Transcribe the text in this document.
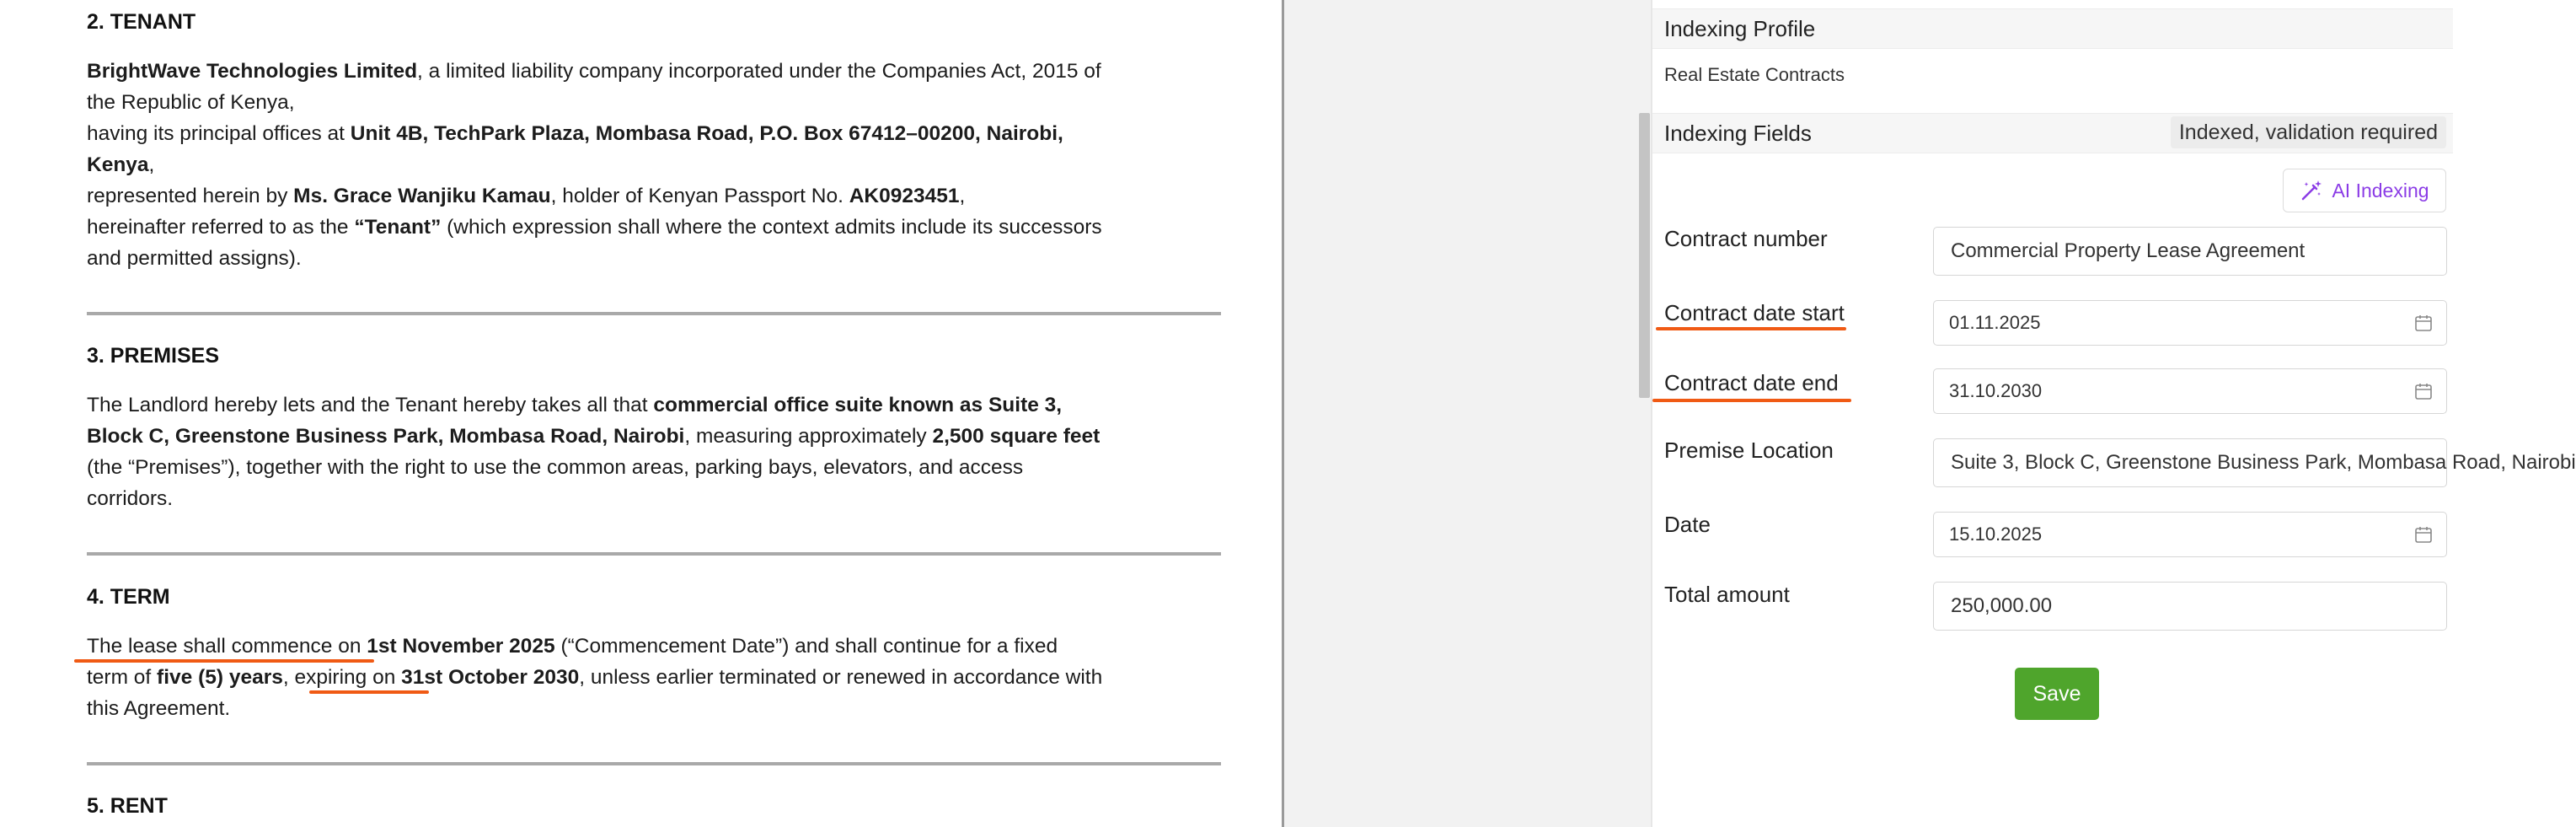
2. TENANT
BrightWave Technologies Limited, a limited liability company incorporated under the Companies Act, 2015 of
the Republic of Kenya,
having its principal offices at Unit 4B, TechPark Plaza, Mombasa Road, P.O. Box 67412–00200, Nairobi,
Kenya,
represented herein by Ms. Grace Wanjiku Kamau, holder of Kenyan Passport No. AK0923451,
hereinafter referred to as the “Tenant” (which expression shall where the context admits include its successors
and permitted assigns).
3. PREMISES
The Landlord hereby lets and the Tenant hereby takes all that commercial office suite known as Suite 3,
Block C, Greenstone Business Park, Mombasa Road, Nairobi, measuring approximately 2,500 square feet
(the “Premises”), together with the right to use the common areas, parking bays, elevators, and access
corridors.
4. TERM
The lease shall commence on 1st November 2025 (“Commencement Date”) and shall continue for a fixed
term of five (5) years, expiring on 31st October 2030, unless earlier terminated or renewed in accordance with
this Agreement.
5. RENT
Indexing Profile
Real Estate Contracts
Indexing Fields	Indexed, validation required
AI Indexing
Contract number	Commercial Property Lease Agreement
Contract date start	01.11.2025
Contract date end	31.10.2030
Premise Location	Suite 3, Block C, Greenstone Business Park, Mombasa Road, Nairobi
Date	15.10.2025
Total amount	250,000.00
Save
